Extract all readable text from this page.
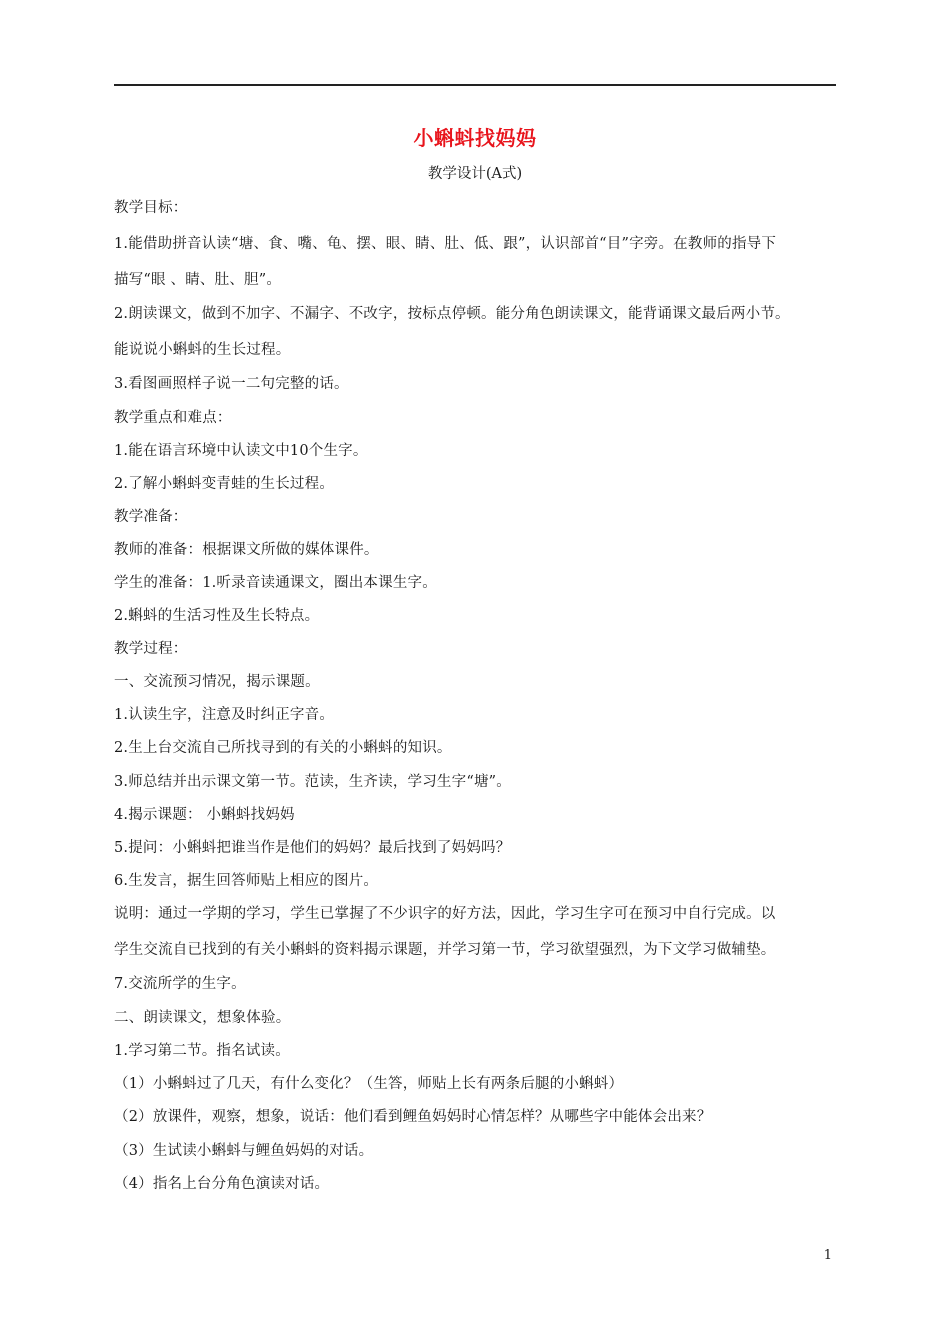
小蝌蚪找妈妈
教学设计(A式)
教学目标：
1.能借助拼音认读“塘、食、嘴、龟、摆、眼、睛、肚、低、跟”，认识部首“目”字旁。在教师的指导下
描写“眼 、睛、肚、胆”。
2.朗读课文，做到不加字、不漏字、不改字，按标点停顿。能分角色朗读课文，能背诵课文最后两小节。
能说说小蝌蚪的生长过程。
3.看图画照样子说一二句完整的话。
教学重点和难点：
1.能在语言环境中认读文中10个生字。
2.了解小蝌蚪变青蛙的生长过程。
教学准备：
教师的准备：根据课文所做的媒体课件。
学生的准备：1.听录音读通课文，圈出本课生字。
2.蝌蚪的生活习性及生长特点。
教学过程：
一、交流预习情况，揭示课题。
1.认读生字，注意及时纠正字音。
2.生上台交流自己所找寻到的有关的小蝌蚪的知识。
3.师总结并出示课文第一节。范读，生齐读，学习生字“塘”。
4.揭示课题： 小蝌蚪找妈妈
5.提问：小蝌蚪把谁当作是他们的妈妈？最后找到了妈妈吗？
6.生发言，据生回答师贴上相应的图片。
说明：通过一学期的学习，学生已掌握了不少识字的好方法，因此，学习生字可在预习中自行完成。以
学生交流自已找到的有关小蝌蚪的资料揭示课题，并学习第一节，学习欲望强烈，为下文学习做辅垫。
7.交流所学的生字。
二、朗读课文，想象体验。
1.学习第二节。指名试读。
（1）小蝌蚪过了几天，有什么变化？（生答，师贴上长有两条后腿的小蝌蚪）
（2）放课件，观察，想象，说话：他们看到鲤鱼妈妈时心情怎样？从哪些字中能体会出来？
（3）生试读小蝌蚪与鲤鱼妈妈的对话。
（4）指名上台分角色演读对话。
1
